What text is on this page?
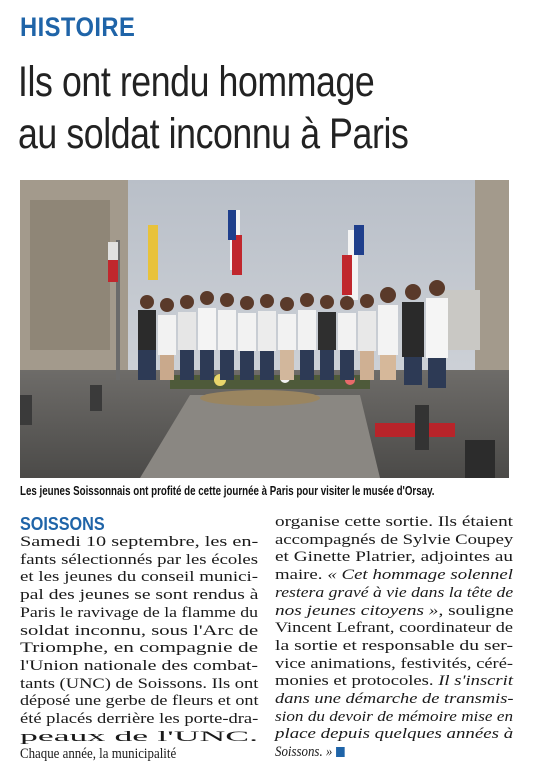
HISTOIRE
Ils ont rendu hommage
au soldat inconnu à Paris
Les jeunes Soissonnais ont profité de cette journée à Paris pour visiter le musée d'Orsay.
SOISSONS
Samedi 10 septembre, les en-
fants sélectionnés par les écoles
et les jeunes du conseil munici-
pal des jeunes se sont rendus à
Paris le ravivage de la flamme du
soldat inconnu, sous l'Arc de
Triomphe, en compagnie de
l'Union nationale des combat-
tants (UNC) de Soissons. Ils ont
déposé une gerbe de fleurs et ont
été placés derrière les porte-dra-
peaux de l'UNC.
Chaque année, la municipalité
organise cette sortie. Ils étaient
accompagnés de Sylvie Coupey
et Ginette Platrier, adjointes au
maire. « Cet hommage solennel
restera gravé à vie dans la tête de
nos jeunes citoyens », souligne
Vincent Lefrant, coordinateur de
la sortie et responsable du ser-
vice animations, festivités, céré-
monies et protocoles. Il s'inscrit
dans une démarche de transmis-
sion du devoir de mémoire mise en
place depuis quelques années à
Soissons. »
